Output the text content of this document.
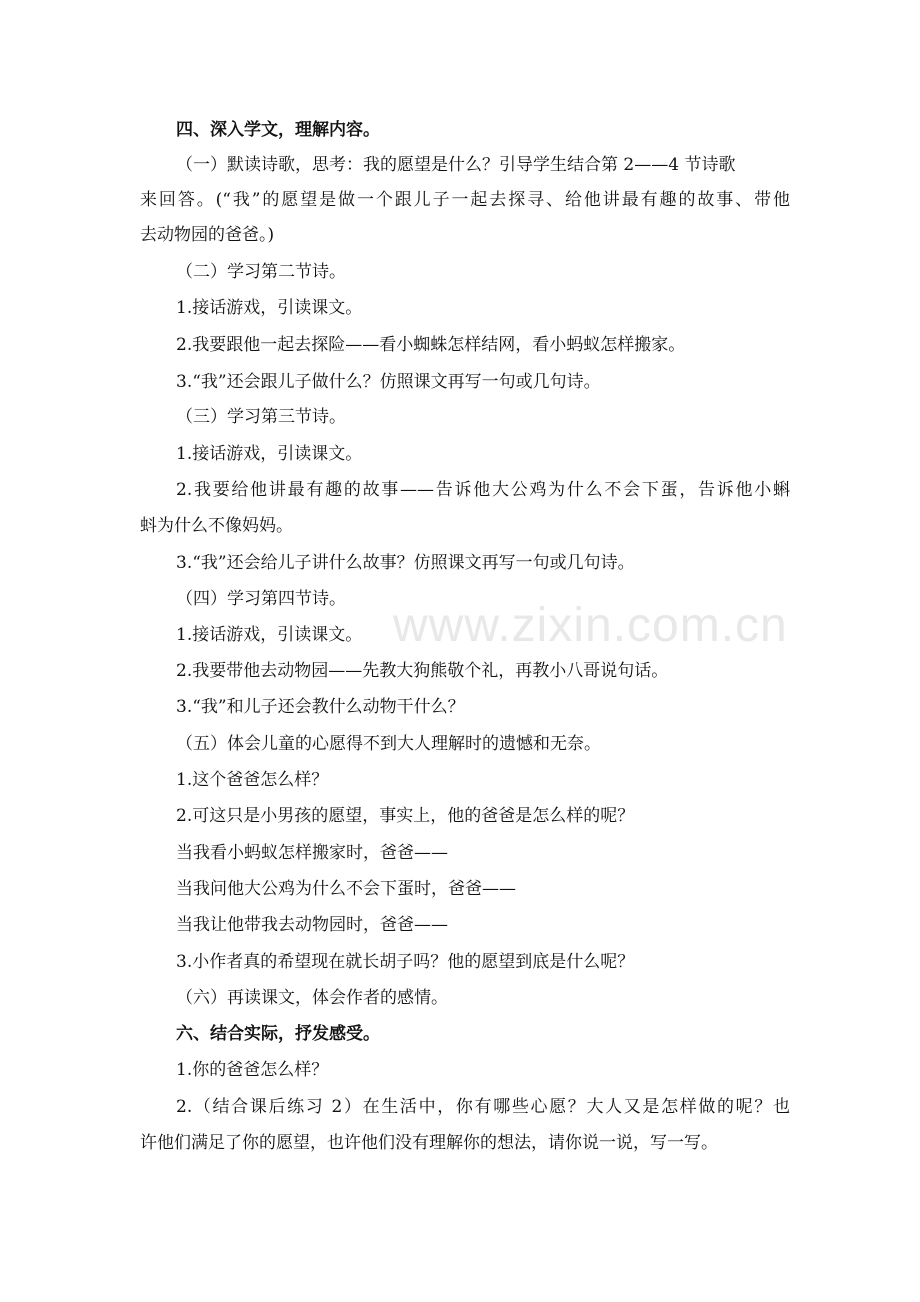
www.zixin.com.cn
四、深入学文，理解内容。
（一）默读诗歌，思考：我的愿望是什么？引导学生结合第 2——4 节诗歌
来回答。(“我”的愿望是做一个跟儿子一起去探寻、给他讲最有趣的故事、带他
去动物园的爸爸。)
（二）学习第二节诗。
1.接话游戏，引读课文。
2.我要跟他一起去探险——看小蜘蛛怎样结网，看小蚂蚁怎样搬家。
3.“我”还会跟儿子做什么？仿照课文再写一句或几句诗。
（三）学习第三节诗。
1.接话游戏，引读课文。
2.我要给他讲最有趣的故事——告诉他大公鸡为什么不会下蛋，告诉他小蝌
蚪为什么不像妈妈。
3.“我”还会给儿子讲什么故事？仿照课文再写一句或几句诗。
（四）学习第四节诗。
1.接话游戏，引读课文。
2.我要带他去动物园——先教大狗熊敬个礼，再教小八哥说句话。
3.“我”和儿子还会教什么动物干什么？
（五）体会儿童的心愿得不到大人理解时的遗憾和无奈。
1.这个爸爸怎么样？
2.可这只是小男孩的愿望，事实上，他的爸爸是怎么样的呢？
当我看小蚂蚁怎样搬家时，爸爸——
当我问他大公鸡为什么不会下蛋时，爸爸——
当我让他带我去动物园时，爸爸——
3.小作者真的希望现在就长胡子吗？他的愿望到底是什么呢？
（六）再读课文，体会作者的感情。
六、结合实际，抒发感受。
1.你的爸爸怎么样？
2.（结合课后练习 2）在生活中，你有哪些心愿？大人又是怎样做的呢？也
许他们满足了你的愿望，也许他们没有理解你的想法，请你说一说，写一写。
